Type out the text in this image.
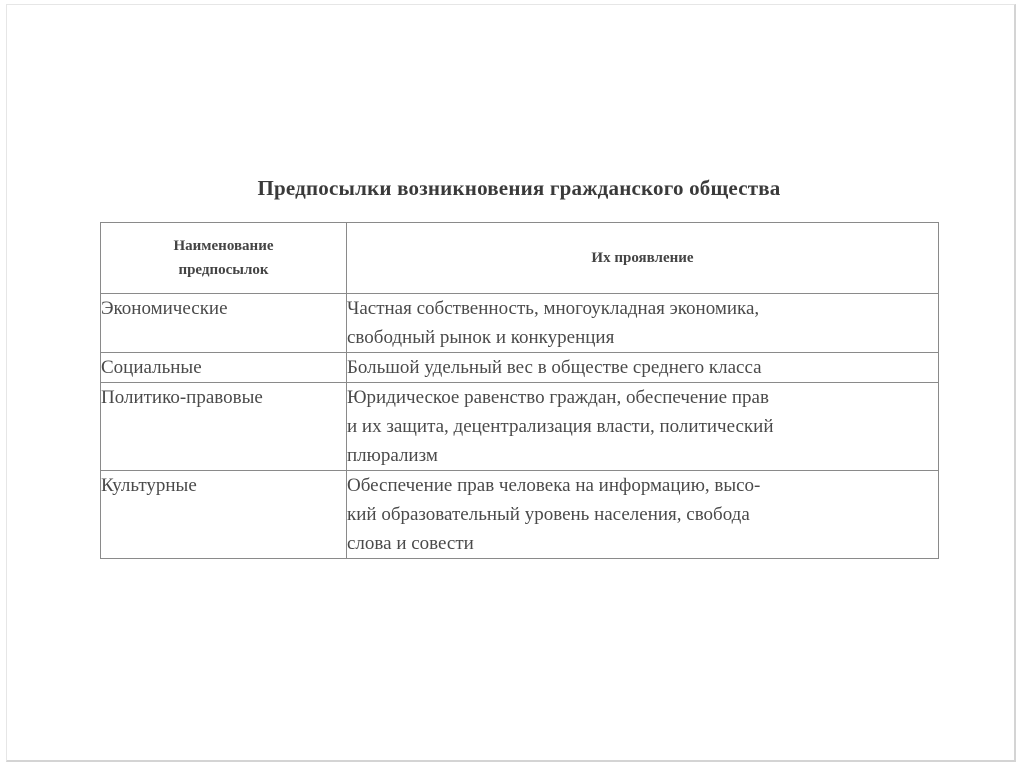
Предпосылки возникновения гражданского общества
Наименование
предпосылок	Их проявление
Экономические	Частная собственность, многоукладная экономика,
свободный рынок и конкуренция

Социальные	Большой удельный вес в обществе среднего класса

Политико-правовые	Юридическое равенство граждан, обеспечение прав
и их защита, децентрализация власти, политический
плюрализм

Культурные	Обеспечение прав человека на информацию, высо-
кий образовательный уровень населения, свобода
слова и совести
